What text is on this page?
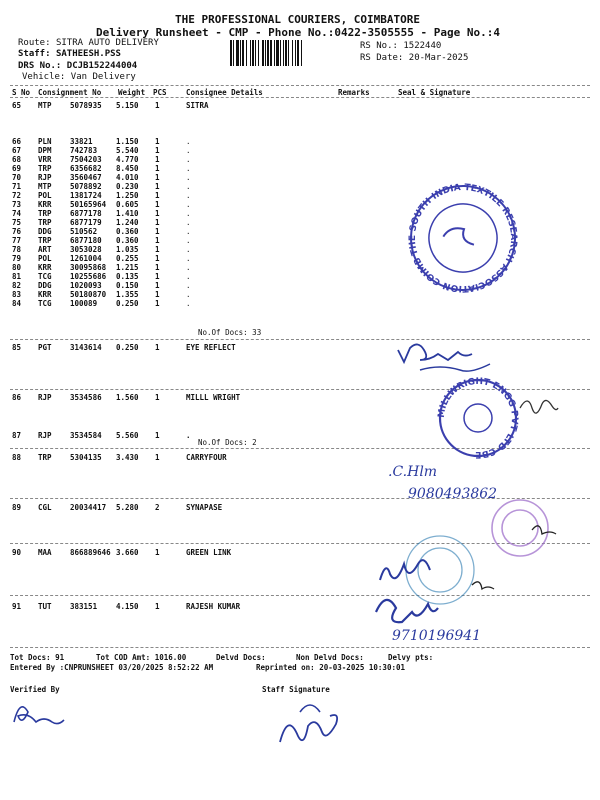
THE PROFESSIONAL COURIERS, COIMBATORE
Delivery Runsheet - CMP - Phone No.:0422-3505555 - Page No.:4
Route: SITRA AUTO DELIVERY
Staff: SATHEESH.PSS
DRS No.: DCJB152244004
Vehicle: Van Delivery
RS No.: 1522440
RS Date: 20-Mar-2025
S No Consignment No Weight PCS	Consignee Details	Remarks	Seal & Signature
65 MTP 5078935 5.150 1	SITRA
66 PLN 33821	1.150 1	.
67 DPM 742783	5.540 1	.
68 VRR 7504203 4.770 1	.
69 TRP 6356682 8.450 1	.
70 RJP 3560467 4.010 1	.
71 MTP 5078892 0.230 1	.
72 POL 1381724 1.250 1	.
73 KRR 50165964 0.605 1	.
74 TRP 6877178 1.410 1	.
75 TRP 6877179 1.240 1	.
76 DDG 510562	0.360 1	.
77 TRP 6877180 0.360 1	.
78 ART 3053028 1.035 1	.
79 POL 1261004 0.255 1	.
80 KRR 30095868 1.215 1	.
81 TCG 10255686 0.135 1	.
82 DDG 1020093 0.150 1	.
83 KRR 50180870 1.355 1	.
84 TCG 100089	0.250 1	.
85 PGT 3143614 0.250 1	EYE REFLECT
86 RJP 3534586 1.560 1	MILLL WRIGHT
87 RJP 3534584 5.560 1	.
88 TRP 5304135 3.430 1	CARRYFOUR
89 CGL 20034417 5.280 2	SYNAPASE
90 MAA 866889646 3.660 1	GREEN LINK
91 TUT 383151	4.150 1	RAJESH KUMAR
No.Of Docs: 33
No.Of Docs: 2
THE SOUTH INDIA TEXTILE RESEARCH ASSOCIATION COIMBATORE
MILLWRIGHT ENGG PVT LTD CBE
.C.Hlm
9080493862
9710196941
Tot Docs: 91	Tot COD Amt: 1016.00	Delvd Docs:	Non Delvd Docs:	Delvy pts:
Entered By :CNPRUNSHEET 03/20/2025 8:52:22 AM	Reprinted on: 20-03-2025 10:30:01
Verified By	Staff Signature
